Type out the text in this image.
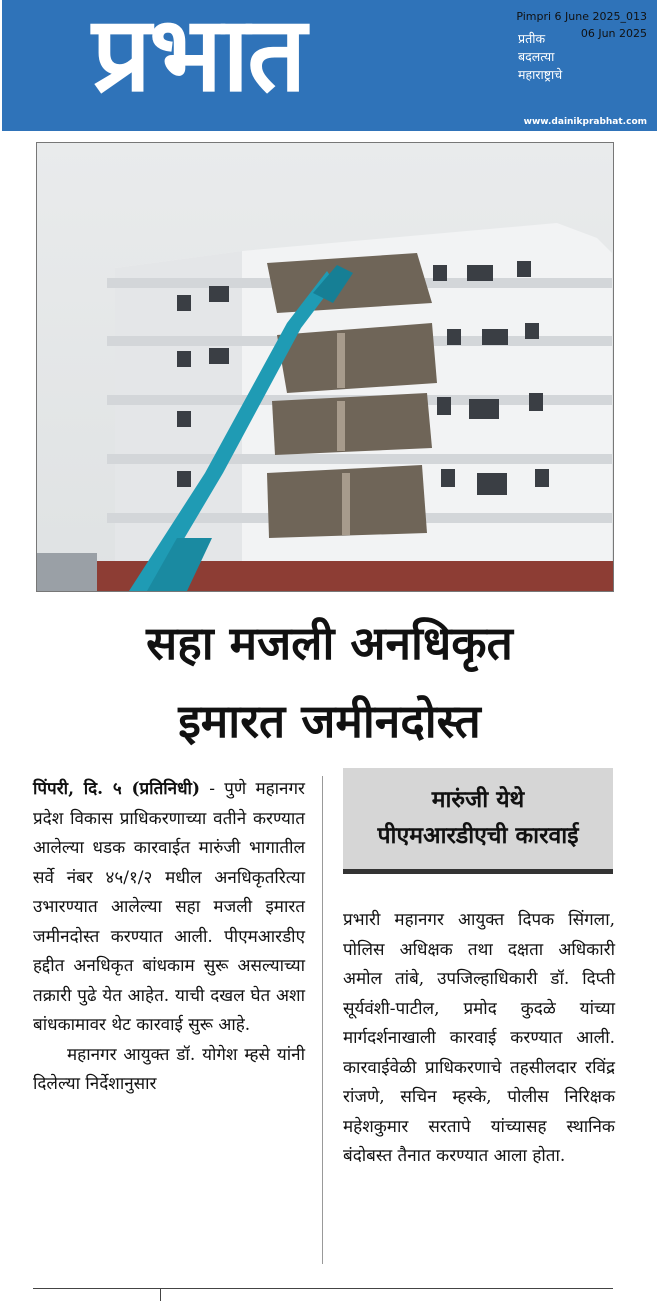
प्रभात	प्रतीक
बदलत्या
महाराष्ट्राचे
www.dainikprabhat.com
Pimpri 6 June 2025_013
06 Jun 2025
सहा मजली अनधिकृत
इमारत जमीनदोस्त

पिंपरी, दि. ५ (प्रतिनिधी) - पुणे महानगर प्रदेश विकास प्राधिकरणाच्या वतीने करण्यात आलेल्या धडक कारवाईत मारुंजी भागातील सर्वे नंबर ४५/१/२ मधील अनधिकृतरित्या उभारण्यात आलेल्या सहा मजली इमारत जमीनदोस्त करण्यात आली. पीएमआरडीए हद्दीत अनधिकृत बांधकाम सुरू असल्याच्या तक्रारी पुढे येत आहेत. याची दखल घेत अशा बांधकामावर थेट कारवाई सुरू आहे.

महानगर आयुक्त डॉ. योगेश म्हसे यांनी दिलेल्या निर्देशानुसार

मारुंजी येथे
पीएमआरडीएची कारवाई

प्रभारी महानगर आयुक्त दिपक सिंगला, पोलिस अधिक्षक तथा दक्षता अधिकारी अमोल तांबे, उपजिल्हाधिकारी डॉ. दिप्ती सूर्यवंशी-पाटील, प्रमोद कुदळे यांच्या मार्गदर्शनाखाली कारवाई करण्यात आली. कारवाईवेळी प्राधिकरणाचे तहसीलदार रविंद्र रांजणे, सचिन म्हस्के, पोलीस निरिक्षक महेशकुमार सरतापे यांच्यासह स्थानिक बंदोबस्त तैनात करण्यात आला होता.
